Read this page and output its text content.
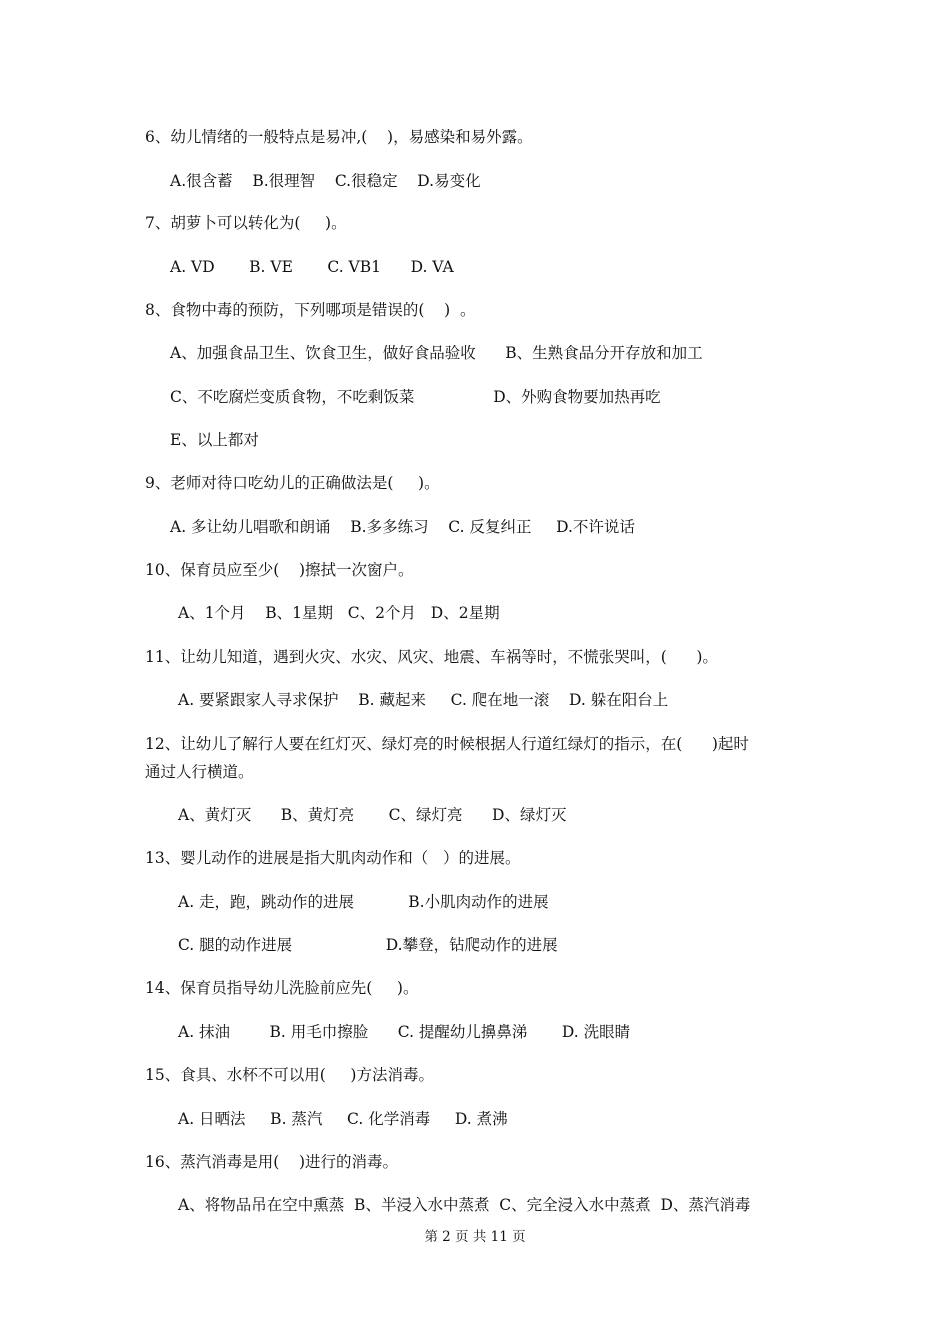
6、幼儿情绪的一般特点是易冲,(    )，易感染和易外露。
A.很含蓄    B.很理智    C.很稳定    D.易变化
7、胡萝卜可以转化为(     )。
A. VD       B. VE       C. VB1      D. VA
8、食物中毒的预防，下列哪项是错误的(    )  。
A、加强食品卫生、饮食卫生，做好食品验收      B、生熟食品分开存放和加工
C、不吃腐烂变质食物，不吃剩饭菜                D、外购食物要加热再吃
E、以上都对
9、老师对待口吃幼儿的正确做法是(     )。
A. 多让幼儿唱歌和朗诵    B.多多练习    C. 反复纠正     D.不许说话
10、保育员应至少(    )擦拭一次窗户。
A、1个月    B、1星期   C、2个月   D、2星期
11、让幼儿知道，遇到火灾、水灾、风灾、地震、车祸等时，不慌张哭叫，(      )。
A. 要紧跟家人寻求保护    B. 藏起来     C. 爬在地一滚    D. 躲在阳台上
12、让幼儿了解行人要在红灯灭、绿灯亮的时候根据人行道红绿灯的指示，在(      )起时
通过人行横道。
A、黄灯灭      B、黄灯亮       C、绿灯亮      D、绿灯灭
13、婴儿动作的进展是指大肌肉动作和（   ）的进展。
A. 走，跑，跳动作的进展           B.小肌肉动作的进展
C. 腿的动作进展                   D.攀登，钻爬动作的进展
14、保育员指导幼儿洗脸前应先(     )。
A. 抹油        B. 用毛巾擦脸      C. 提醒幼儿擤鼻涕       D. 洗眼睛
15、食具、水杯不可以用(     )方法消毒。
A. 日晒法     B. 蒸汽     C. 化学消毒     D. 煮沸
16、蒸汽消毒是用(    )进行的消毒。
A、将物品吊在空中熏蒸  B、半浸入水中蒸煮  C、完全浸入水中蒸煮  D、蒸汽消毒
第 2 页 共 11 页
